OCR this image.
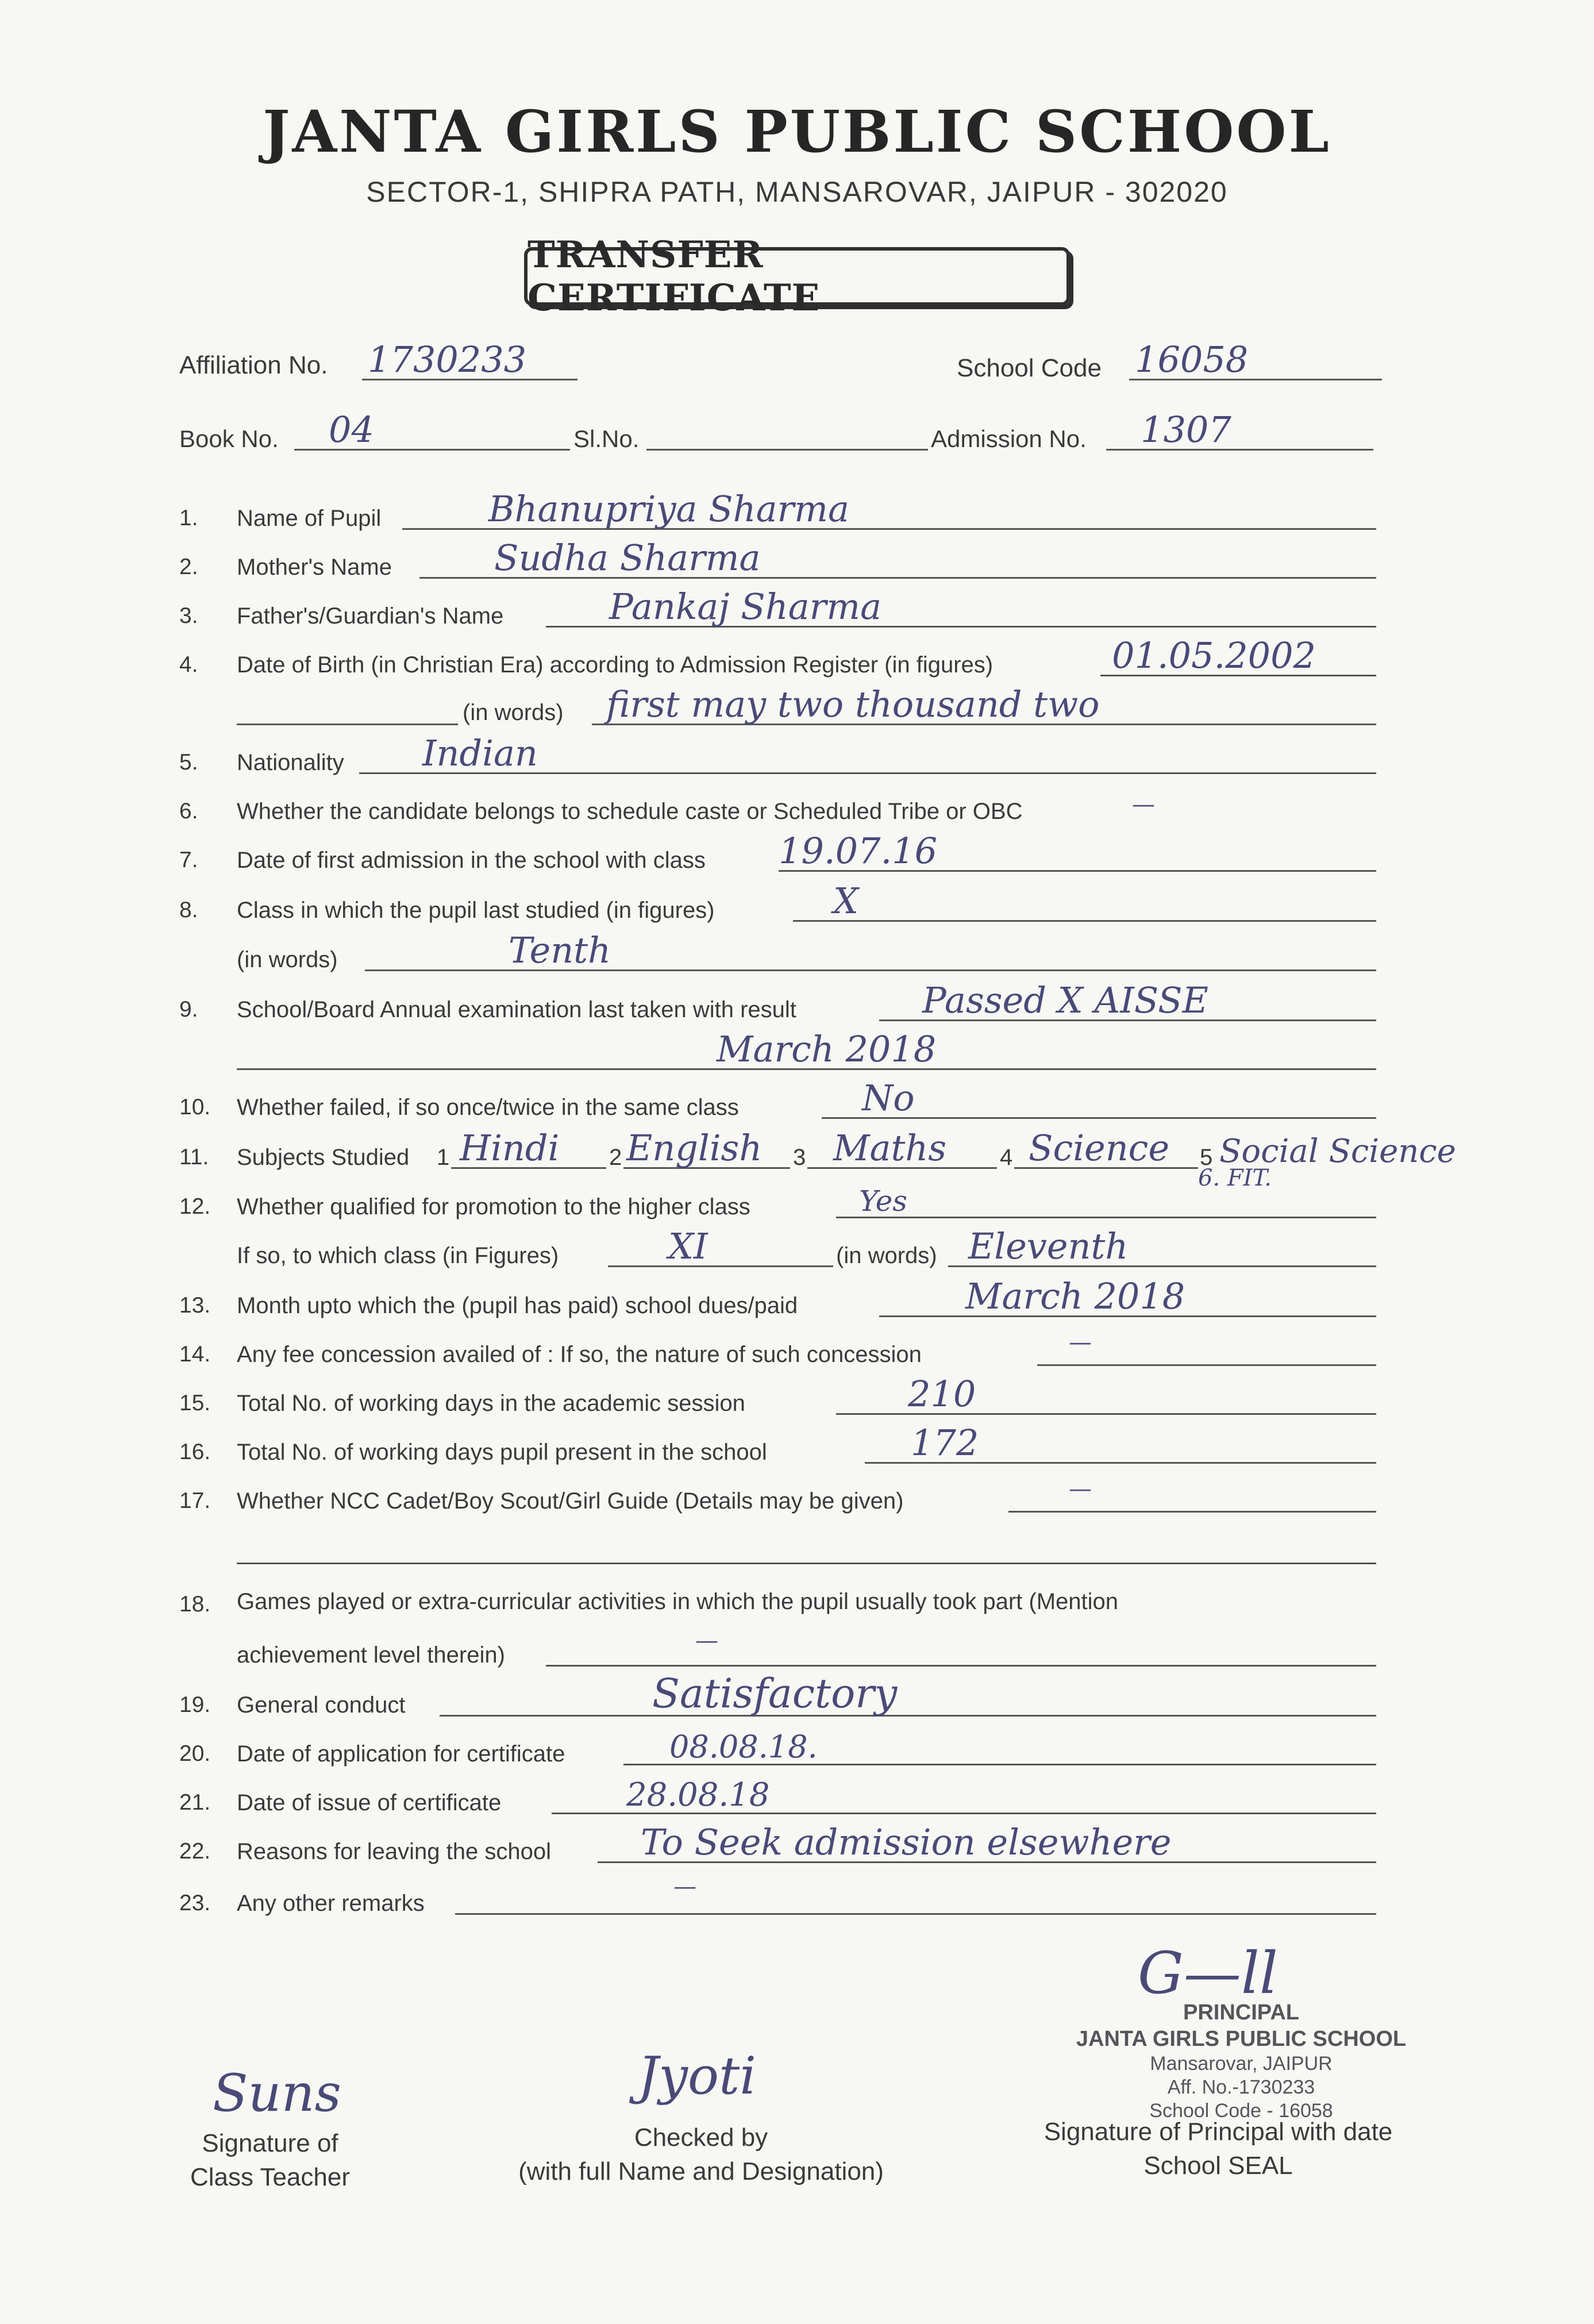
JANTA GIRLS PUBLIC SCHOOL
SECTOR-1, SHIPRA PATH, MANSAROVAR, JAIPUR - 302020
TRANSFER CERTIFICATE
Affiliation No. 1730233	School Code 16058
Book No. 04	Sl.No.	Admission No. 1307
1.	Name of Pupil	Bhanupriya Sharma
2.	Mother's Name	Sudha Sharma
3.	Father's/Guardian's Name	Pankaj Sharma
4.	Date of Birth (in Christian Era) according to Admission Register (in figures)	01.05.2002
(in words) first may two thousand two
5.	Nationality Indian
6.	Whether the candidate belongs to schedule caste or Scheduled Tribe or OBC	—
7.	Date of first admission in the school with class 19.07.16
8.	Class in which the pupil last studied (in figures)	X
(in words)	Tenth
9.	School/Board Annual examination last taken with result	Passed X AISSE
March 2018
10.	Whether failed, if so once/twice in the same class	No
11.	Subjects Studied 1 Hindi 2 English 3 Maths 4 Science 5 Social Science
6. FIT.
12.	Whether qualified for promotion to the higher class	Yes
If so, to which class (in Figures)	XI	(in words) Eleventh
13.	Month upto which the (pupil has paid) school dues/paid	March 2018
14.	Any fee concession availed of : If so, the nature of such concession	—
15.	Total No. of working days in the academic session	210
16.	Total No. of working days pupil present in the school	172
17.	Whether NCC Cadet/Boy Scout/Girl Guide (Details may be given)	—
18.	Games played or extra-curricular activities in which the pupil usually took part (Mention
achievement level therein)
—
19.	General conduct	Satisfactory
20.	Date of application for certificate	08.08.18.
21.	Date of issue of certificate	28.08.18
22.	Reasons for leaving the school	To Seek admission elsewhere
23.	Any other remarks
—
G—ll
PRINCIPAL
JANTA GIRLS PUBLIC SCHOOL
Mansarovar, JAIPUR
Aff. No.-1730233
School Code - 16058
Suns
Signature of
Class Teacher
Jyoti
Checked by
(with full Name and Designation)
Signature of Principal with date
School SEAL
